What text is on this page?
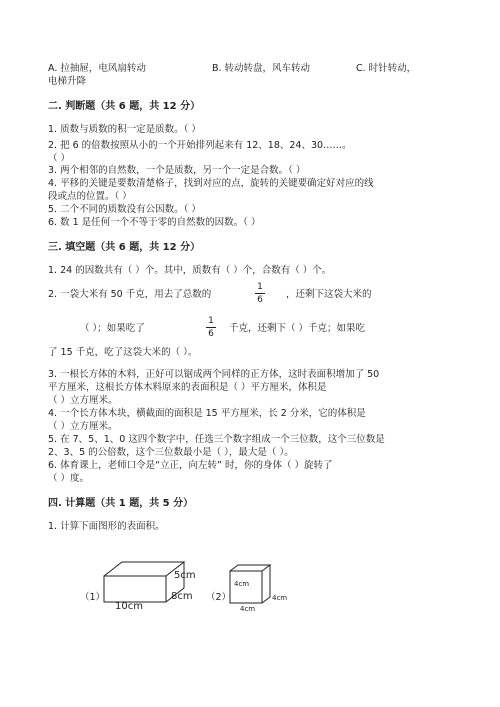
A. 拉抽屉，电风扇转动	B. 转动转盘，风车转动	C. 时针转动，
电梯升降
二. 判断题（共 6 题，共 12 分）
1. 质数与质数的积一定是质数。（ ）
2. 把 6 的倍数按照从小的一个开始排列起来有 12、18、24、30……。
（ ）
3. 两个相邻的自然数，一个是质数，另一个一定是合数。（ ）
4. 平移的关键是要数清楚格子，找到对应的点，旋转的关键要确定好对应的线
段或点的位置。（ ）
5. 二个不同的质数没有公因数。（ ）
6. 数 1 是任何一个不等于零的自然数的因数。（ ）
三. 填空题（共 6 题，共 12 分）
1. 24 的因数共有（ ）个。其中，质数有（ ）个，合数有（ ）个。
2. 一袋大米有 50 千克，用去了总数的
1
6 ，还剩下这袋大米的
（ ）；如果吃了
1
6 千克，还剩下（ ）千克；如果吃
了 15 千克，吃了这袋大米的（ ）。
3. 一根长方体的木料，正好可以锯成两个同样的正方体，这时表面积增加了 50
平方厘米，这根长方体木料原来的表面积是（ ）平方厘米，体积是
（ ）立方厘米。
4. 一个长方体木块，横截面的面积是 15 平方厘米，长 2 分米，它的体积是
（ ）立方厘米。
5. 在 7、5、1、0 这四个数字中，任选三个数字组成一个三位数，这个三位数是
2、3、5 的公倍数，这个三位数最小是（ ），最大是（ ）。
6. 体育课上，老师口令是“立正，向左转” 时，你的身体（ ）旋转了
（ ）度。
四. 计算题（共 1 题，共 5 分）
1. 计算下面图形的表面积。
（1）
5cm
8cm
10cm
（2）
4cm
4cm
4cm
